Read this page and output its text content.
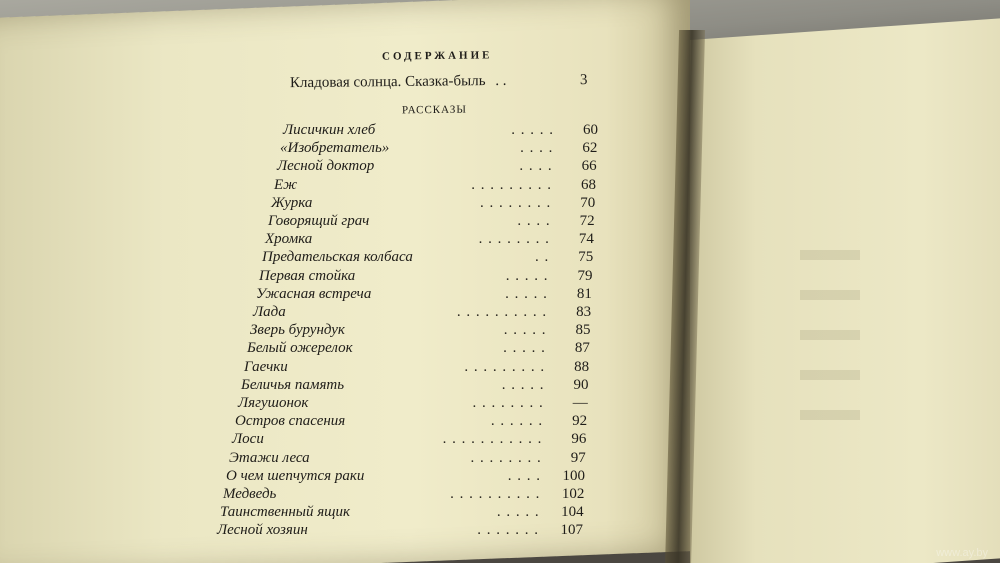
СОДЕРЖАНИЕ
Кладовая солнца. Сказка-быль . .	3
РАССКАЗЫ
Лисичкин хлеб	. . . . .	60
«Изобретатель»	. . . .	62
Лесной доктор	. . . .	66
Еж	. . . . . . . . .	68
Журка	. . . . . . . .	70
Говорящий грач	. . . .	72
Хромка	. . . . . . . .	74
Предательская колбаса	. .	75
Первая стойка	. . . . .	79
Ужасная встреча	. . . . .	81
Лада	. . . . . . . . . .	83
Зверь бурундук	. . . . .	85
Белый ожерелок	. . . . .	87
Гаечки	. . . . . . . . .	88
Беличья память	. . . . .	90
Лягушонок	. . . . . . . .	—
Остров спасения	. . . . . .	92
Лоси	. . . . . . . . . . .	96
Этажи леса	. . . . . . . .	97
О чем шепчутся раки	. . . .	100
Медведь	. . . . . . . . . .	102
Таинственный ящик	. . . . .	104
Лесной хозяин	. . . . . . .	107
www.ay.by
